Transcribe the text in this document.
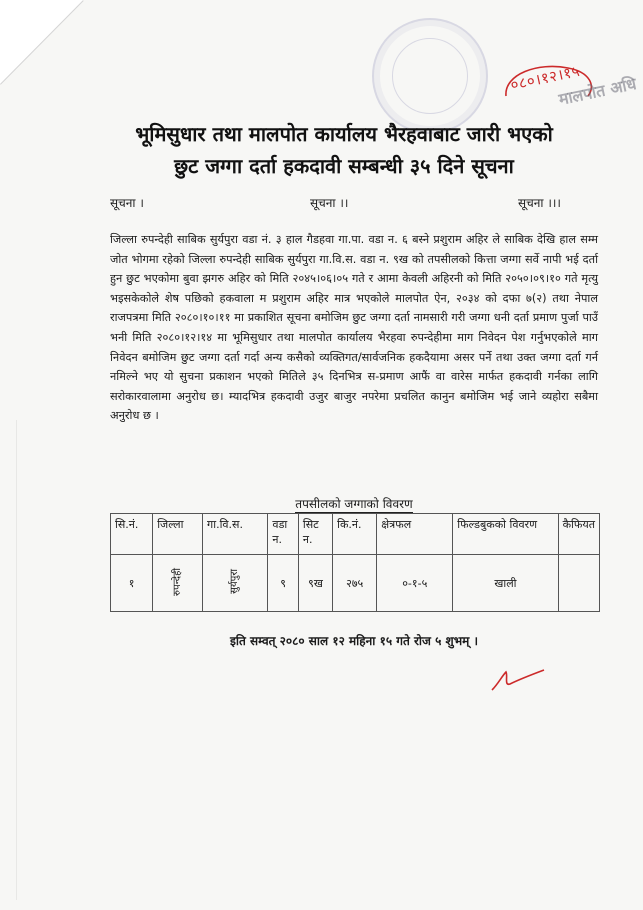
०८०।१२।१५
मालपोत अधि
भूमिसुधार तथा मालपोत कार्यालय भैरहवाबाट जारी भएको
छुट जग्गा दर्ता हकदावी सम्बन्धी ३५ दिने सूचना
सूचना ।	सूचना ।।	सूचना ।।।
जिल्ला रुपन्देही साबिक सुर्यपुरा वडा नं. ३ हाल गैडहवा गा.पा. वडा न. ६ बस्ने प्रशुराम अहिर ले साबिक देखि हाल सम्म जोत भोगमा रहेको जिल्ला रुपन्देही साबिक सुर्यपुरा गा.वि.स. वडा न. ९ख को तपसीलको कित्ता जग्गा सर्वे नापी भई दर्ता हुन छुट भएकोमा बुवा झगरु अहिर को मिति २०४५।०६।०५ गते र आमा केवली अहिरनी को मिति २०५०।०९।१० गते मृत्यु भइसकेकोले शेष पछिको हकवाला म प्रशुराम अहिर मात्र भएकोले मालपोत ऐन, २०३४ को दफा ७(२) तथा नेपाल राजपत्रमा मिति २०८०।१०।११ मा प्रकाशित सूचना बमोजिम छुट जग्गा दर्ता नामसारी गरी जग्गा धनी दर्ता प्रमाण पुर्जा पाउँ भनी मिति २०८०।१२।१४ मा भूमिसुधार तथा मालपोत कार्यालय भैरहवा रुपन्देहीमा माग निवेदन पेश गर्नुभएकोले माग निवेदन बमोजिम छुट जग्गा दर्ता गर्दा अन्य कसैको व्यक्तिगत/सार्वजनिक हकदैयामा असर पर्ने तथा उक्त जग्गा दर्ता गर्न नमिल्ने भए यो सुचना प्रकाशन भएको मितिले ३५ दिनभित्र स-प्रमाण आफैं वा वारेस मार्फत हकदावी गर्नका लागि सरोकारवालामा अनुरोध छ। म्यादभित्र हकदावी उजुर बाजुर नपरेमा प्रचलित कानुन बमोजिम भई जाने व्यहोरा सबैमा अनुरोध छ ।
तपसीलको जग्गाको विवरण
सि.नं.	जिल्ला	गा.वि.स.	वडा न.	सिट न.	कि.नं.	क्षेत्रफल	फिल्डबुकको विवरण	कैफियत
१	रुपन्देही	सुर्यपुरा	९	९ख	२७५	०-१-५	खाली	
इति सम्वत् २०८० साल १२ महिना १५ गते रोज ५ शुभम् ।
